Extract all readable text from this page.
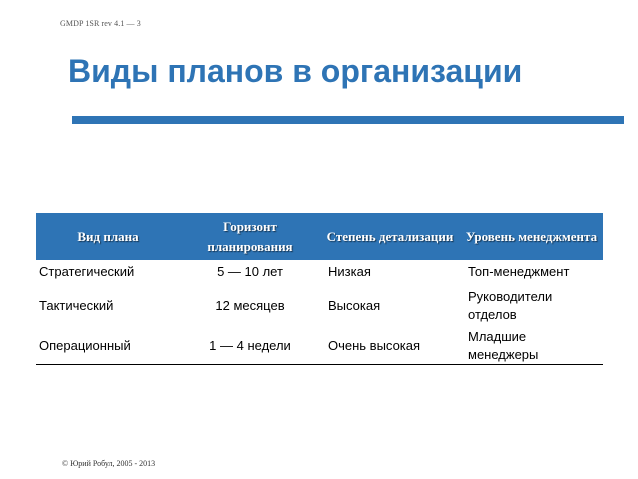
GMDP 1SR rev 4.1 — 3
Виды планов в организации
Вид плана	Горизонт планирования	Степень детализации	Уровень менеджмента
Стратегический	5 — 10 лет	Низкая	Топ-менеджмент
Тактический	12 месяцев	Высокая	Руководители отделов
Операционный	1 — 4 недели	Очень высокая	Младшие менеджеры
© Юрий Робул, 2005 - 2013
